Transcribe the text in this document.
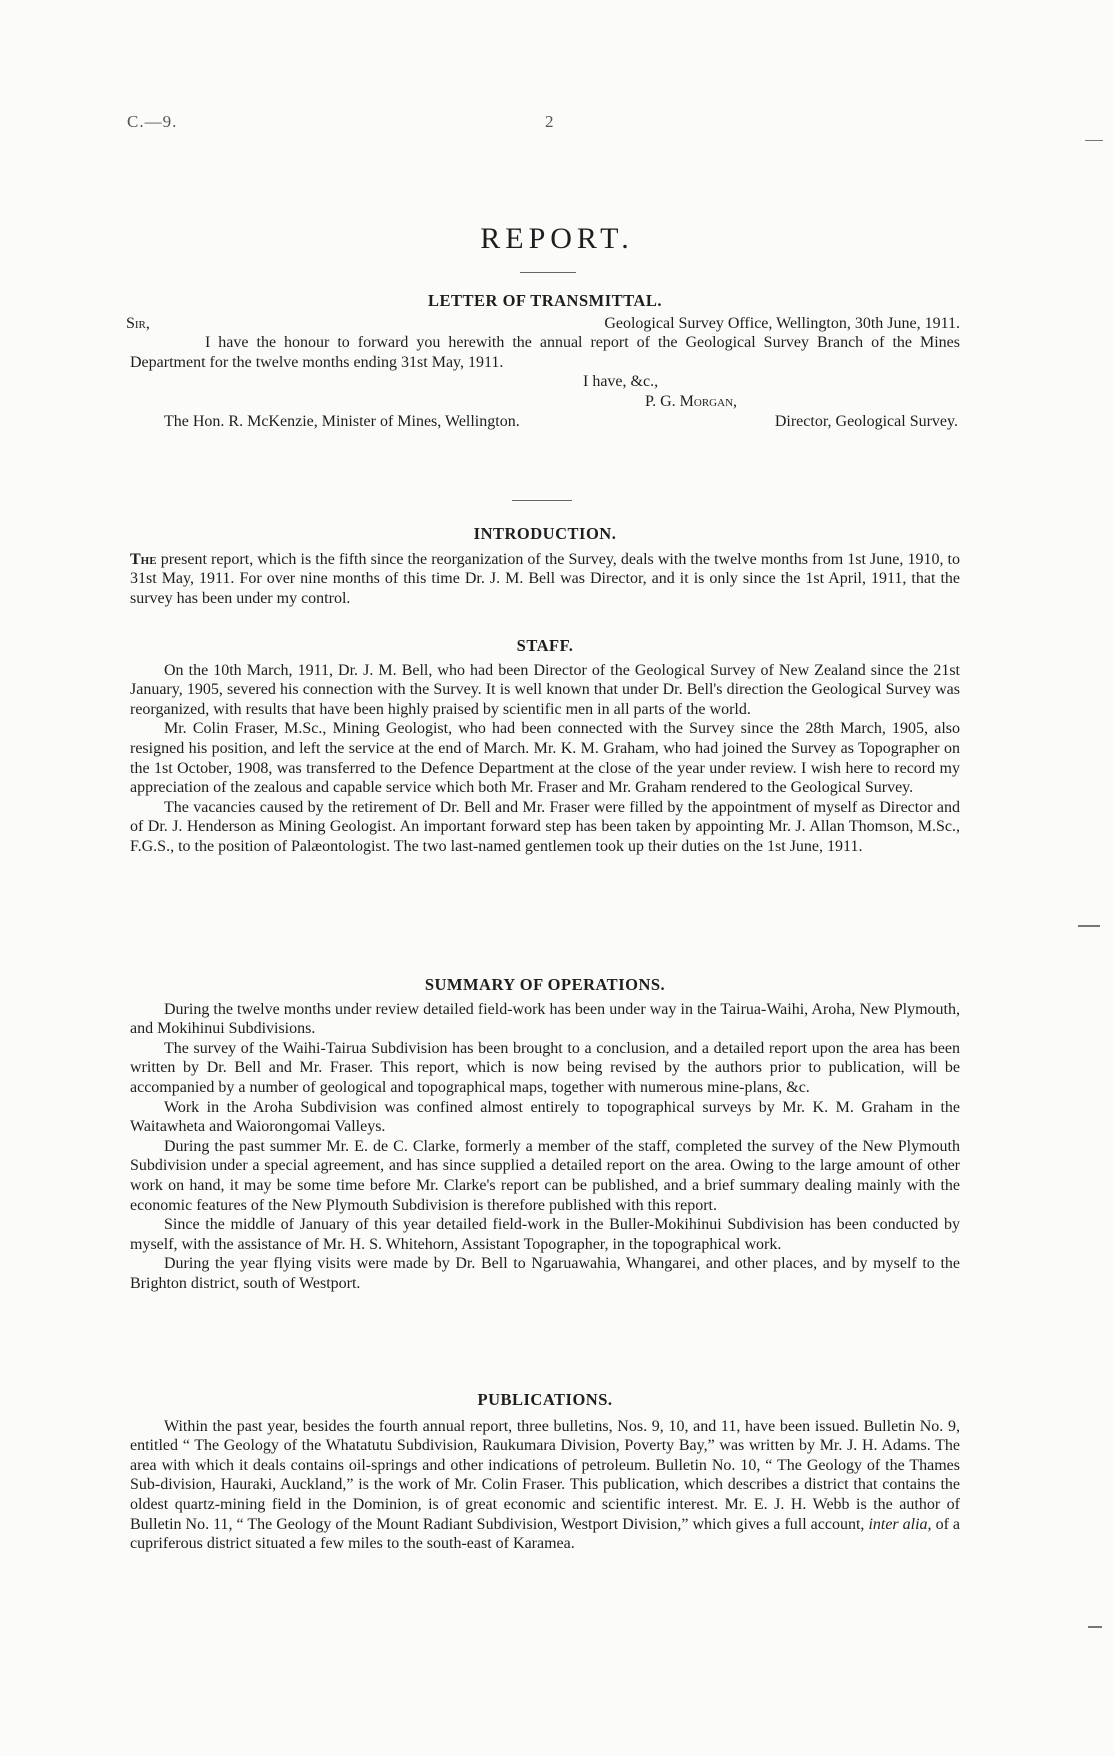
C.—9.	2
REPORT.
LETTER OF TRANSMITTAL.
Sir,	Geological Survey Office, Wellington, 30th June, 1911.

I have the honour to forward you herewith the annual report of the Geological Survey Branch of the Mines Department for the twelve months ending 31st May, 1911.

I have, &c.,
P. G. Morgan,
The Hon. R. McKenzie, Minister of Mines, Wellington.	Director, Geological Survey.
INTRODUCTION.

The present report, which is the fifth since the reorganization of the Survey, deals with the twelve months from 1st June, 1910, to 31st May, 1911. For over nine months of this time Dr. J. M. Bell was Director, and it is only since the 1st April, 1911, that the survey has been under my control.

STAFF.

On the 10th March, 1911, Dr. J. M. Bell, who had been Director of the Geological Survey of New Zealand since the 21st January, 1905, severed his connection with the Survey. It is well known that under Dr. Bell's direction the Geological Survey was reorganized, with results that have been highly praised by scientific men in all parts of the world.

Mr. Colin Fraser, M.Sc., Mining Geologist, who had been connected with the Survey since the 28th March, 1905, also resigned his position, and left the service at the end of March. Mr. K. M. Graham, who had joined the Survey as Topographer on the 1st October, 1908, was transferred to the Defence Department at the close of the year under review. I wish here to record my appreciation of the zealous and capable service which both Mr. Fraser and Mr. Graham rendered to the Geological Survey.

The vacancies caused by the retirement of Dr. Bell and Mr. Fraser were filled by the appointment of myself as Director and of Dr. J. Henderson as Mining Geologist. An important forward step has been taken by appointing Mr. J. Allan Thomson, M.Sc., F.G.S., to the position of Palæontologist. The two last-named gentlemen took up their duties on the 1st June, 1911.

SUMMARY OF OPERATIONS.

During the twelve months under review detailed field-work has been under way in the Tairua-Waihi, Aroha, New Plymouth, and Mokihinui Subdivisions.

The survey of the Waihi-Tairua Subdivision has been brought to a conclusion, and a detailed report upon the area has been written by Dr. Bell and Mr. Fraser. This report, which is now being revised by the authors prior to publication, will be accompanied by a number of geological and topographical maps, together with numerous mine-plans, &c.

Work in the Aroha Subdivision was confined almost entirely to topographical surveys by Mr. K. M. Graham in the Waitawheta and Waiorongomai Valleys.

During the past summer Mr. E. de C. Clarke, formerly a member of the staff, completed the survey of the New Plymouth Subdivision under a special agreement, and has since supplied a detailed report on the area. Owing to the large amount of other work on hand, it may be some time before Mr. Clarke's report can be published, and a brief summary dealing mainly with the economic features of the New Plymouth Subdivision is therefore published with this report.

Since the middle of January of this year detailed field-work in the Buller-Mokihinui Subdivision has been conducted by myself, with the assistance of Mr. H. S. Whitehorn, Assistant Topographer, in the topographical work.

During the year flying visits were made by Dr. Bell to Ngaruawahia, Whangarei, and other places, and by myself to the Brighton district, south of Westport.

PUBLICATIONS.

Within the past year, besides the fourth annual report, three bulletins, Nos. 9, 10, and 11, have been issued. Bulletin No. 9, entitled “ The Geology of the Whatatutu Subdivision, Raukumara Division, Poverty Bay,” was written by Mr. J. H. Adams. The area with which it deals contains oil-springs and other indications of petroleum. Bulletin No. 10, “ The Geology of the Thames Sub-division, Hauraki, Auckland,” is the work of Mr. Colin Fraser. This publication, which describes a district that contains the oldest quartz-mining field in the Dominion, is of great economic and scientific interest. Mr. E. J. H. Webb is the author of Bulletin No. 11, “ The Geology of the Mount Radiant Subdivision, Westport Division,” which gives a full account, inter alia, of a cupriferous district situated a few miles to the south-east of Karamea.
